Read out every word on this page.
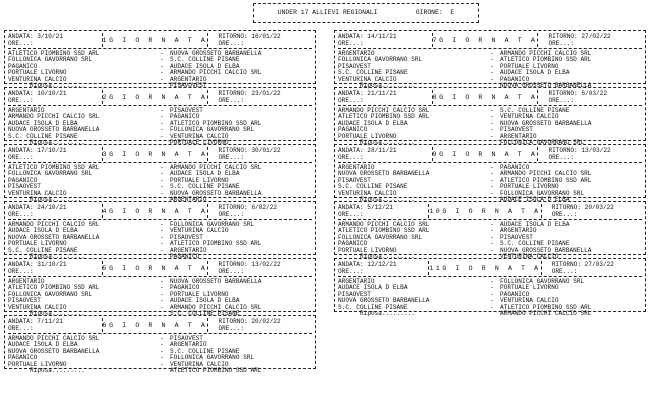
UNDER 17 ALLIEVI REGIONALI	GIRONE: E
ANDATA: 3/10/21
ORE...:	1 G I O R N A T A	RITORNO: 16/01/22
ORE...:
ATLETICO PIOMBINO SSD ARL	-	NUOVA GROSSETO BARBANELLA
FOLLONICA GAVORRANO SRL	-	S.C. COLLINE PISANE
PAGANICO	-	AUDACE ISOLA D ELBA
PORTUALE LIVORNO	-	ARMANDO PICCHI CALCIO SRL
VENTURINA CALCIO	-	ARGENTARIO
Riposa.........	PISAVOVEST
ANDATA: 10/10/21
ORE...:	2 G I O R N A T A	RITORNO: 23/01/22
ORE...:
ARGENTARIO	-	PISAOVEST
ARMANDO PICCHI CALCIO SRL	-	PAGANICO
AUDACE ISOLA D ELBA	-	ATLETICO PIOMBINO SSD ARL
NUOVA GROSSETO BARBANELLA	-	FOLLONICA GAVORRANO SRL
S.C. COLLINE PISANE	-	VENTURINA CALCIO
Riposa.........	PORTUALE LIVORNO
ANDATA: 17/10/21
ORE...:	3 G I O R N A T A	RITORNO: 30/01/22
ORE...:
ATLETICO PIOMBINO SSD ARL	-	ARMANDO PICCHI CALCIO SRL
FOLLONICA GAVORRANO SRL	-	AUDACE ISOLA D ELBA
PAGANICO	-	PORTUALE LIVORNO
PISAOVEST	-	S.C. COLLINE PISANE
VENTURINA CALCIO	-	NUOVA GROSSETO BARBANELLA
Riposa.........	ARGENTARIO
ANDATA: 24/10/21
ORE...:	4 G I O R N A T A	RITORNO: 6/02/22
ORE...:
ARMANDO PICCHI CALCIO SRL	-	FOLLONICA GAVORRANO SRL
AUDACE ISOLA D ELBA	-	VENTURINA CALCIO
NUOVA GROSSETO BARBANELLA	-	PISAOVEST
PORTUALE LIVORNO	-	ATLETICO PIOMBINO SSD ARL
S.C. COLLINE PISANE	-	ARGENTARIO
Riposa.........	PAGANICO
ANDATA: 31/10/21
ORE...:	5 G I O R N A T A	RITORNO: 13/02/22
ORE...:
ARGENTARIO	-	NUOVA GROSSETO BARBANELLA
ATLETICO PIOMBINO SSD ARL	-	PAGANICO
FOLLONICA GAVORRANO SRL	-	PORTUALE LIVORNO
PISAOVEST	-	AUDACE ISOLA D ELBA
VENTURINA CALCIO	-	ARMANDO PICCHI CALCIO SRL
Riposa.........	S.C. COLLINE PISANE
ANDATA: 7/11/21
ORE...:	6 G I O R N A T A	RITORNO: 20/02/22
ORE...:
ARMANDO PICCHI CALCIO SRL	-	PISAOVEST
AUDACE ISOLA D ELBA	-	ARGENTARIO
NUOVA GROSSETO BARBANELLA	-	S.C. COLLINE PISANE
PAGANICO	-	FOLLONICA GAVORRANO SRL
PORTUALE LIVORNO	-	VENTURINA CALCIO
Riposa.........	ATLETICO PIOMBINO SSD ARL
ANDATA: 14/11/21
ORE...:	7 G I O R N A T A	RITORNO: 27/02/22
ORE...:
ARGENTARIO	-	ARMANDO PICCHI CALCIO SRL
FOLLONICA GAVORRANO SRL	-	ATLETICO PIOMBINO SSD ARL
PISAOVEST	-	PORTUALE LIVORNO
S.C. COLLINE PISANE	-	AUDACE ISOLA D ELBA
VENTURINA CALCIO	-	PAGANICO
Riposa.........	NUOVA GROSSETO BARBANELLA
ANDATA: 21/11/21
ORE...:	8 G I O R N A T A	RITORNO: 6/03/22
ORE...:
ARMANDO PICCHI CALCIO SRL	-	S.C. COLLINE PISANE
ATLETICO PIOMBINO SSD ARL	-	VENTURINA CALCIO
AUDACE ISOLA D ELBA	-	NUOVA GROSSETO BARBANELLA
PAGANICO	-	PISAOVEST
PORTUALE LIVORNO	-	ARGENTARIO
Riposa.........	FOLLONICA GAVORRANO SRL
ANDATA: 28/11/21
ORE...:	9 G I O R N A T A	RITORNO: 13/03/22
ORE...:
ARGENTARIO	-	PAGANICO
NUOVA GROSSETO BARBANELLA	-	ARMANDO PICCHI CALCIO SRL
PISAOVEST	-	ATLETICO PIOMBINO SSD ARL
S.C. COLLINE PISANE	-	PORTUALE LIVORNO
VENTURINA CALCIO	-	FOLLONICA GAVORRANO SRL
Riposa.........	AUDACE ISOLA D ELBA
ANDATA: 5/12/21
ORE...:	10 G I O R N A T A	RITORNO: 20/03/22
ORE...:
ARMANDO PICCHI CALCIO SRL	-	AUDACE ISOLA D ELBA
ATLETICO PIOMBINO SSD ARL	-	ARGENTARIO
FOLLONICA GAVORRANO SRL	-	PISAOVEST
PAGANICO	-	S.C. COLLINE PISANE
PORTUALE LIVORNO	-	NUOVA GROSSETO BARBANELLA
Riposa.........	VENTURINA CALCIO
ANDATA: 12/12/21
ORE...:	11 G I O R N A T A	RITORNO: 27/03/22
ORE...:
ARGENTARIO	-	FOLLONICA GAVORRANO SRL
AUDACE ISOLA D ELBA	-	PORTUALE LIVORNO
PISAOVEST	-	PAGANICO
NUOVA GROSSETO BARBANELLA	-	VENTURINA CALCIO
S.C. COLLINE PISANE	-	ATLETICO PIOMBINO SSD ARL
Riposa.........	ARMANDO PICCHI CALCIO SRL
